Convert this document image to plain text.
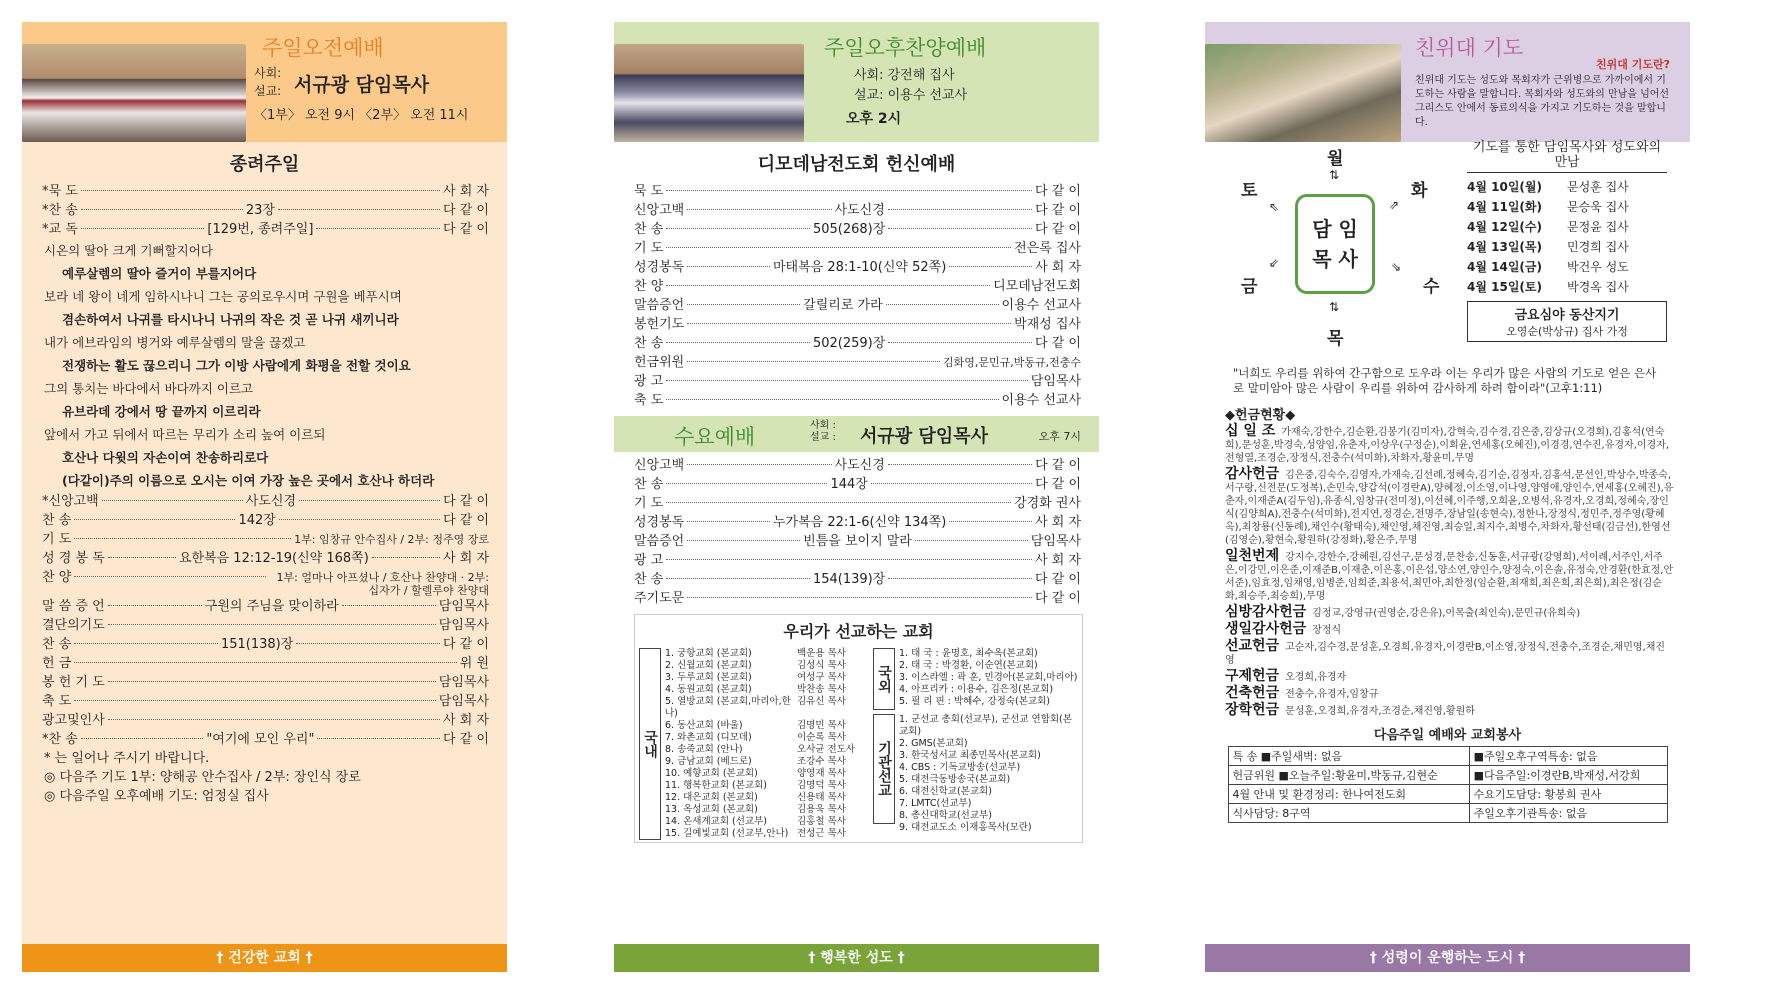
주일오전예배
사회:
설교: 서규광 담임목사
〈1부〉 오전 9시 〈2부〉 오전 11시
종려주일
*묵 도	사 회 자
*찬 송	23장	다 같 이
*교 독	[129번, 종려주일]	다 같 이
시온의 딸아 크게 기뻐할지어다
예루살렘의 딸아 즐거이 부를지어다
보라 네 왕이 네게 임하시나니 그는 공의로우시며 구원을 베푸시며
겸손하여서 나귀를 타시나니 나귀의 작은 것 곧 나귀 새끼니라
내가 에브라임의 병거와 예루살렘의 말을 끊겠고
전쟁하는 활도 끊으리니 그가 이방 사람에게 화평을 전할 것이요
그의 통치는 바다에서 바다까지 이르고
유브라데 강에서 땅 끝까지 이르리라
앞에서 가고 뒤에서 따르는 무리가 소리 높여 이르되
호산나 다윗의 자손이여 찬송하리로다
(다같이)주의 이름으로 오시는 이여 가장 높은 곳에서 호산나 하더라
*신앙고백	사도신경	다 같 이
찬 송	142장	다 같 이
기 도	1부: 임창규 안수집사 / 2부: 정주영 장로
성 경 봉 독	요한복음 12:12-19(신약 168쪽)	사 회 자
찬 양	1부: 얼마나 아프셨나 / 호산나 찬양대 · 2부: 십자가 / 할렐루야 찬양대
말 씀 증 언	구원의 주님을 맞이하라	담임목사
결단의기도	담임목사
찬 송	151(138)장	다 같 이
헌 금	위 원
봉 헌 기 도	담임목사
축 도	담임목사
광고및인사	사 회 자
*찬 송	"여기에 모인 우리"	다 같 이
* 는 일어나 주시기 바랍니다.
◎ 다음주 기도 1부: 양해공 안수집사 / 2부: 장인식 장로
◎ 다음주일 오후예배 기도: 엄정실 집사
† 건강한 교회 †
주일오후찬양예배
사회: 강전해 집사
설교: 이용수 선교사
오후 2시
디모데남전도회 헌신예배
묵 도	다 같 이
신앙고백	사도신경	다 같 이
찬 송	505(268)장	다 같 이
기 도	전은록 집사
성경봉독	마태복음 28:1-10(신약 52쪽)	사 회 자
찬 양	디모데남전도회
말씀증언	갈릴리로 가라	이용수 선교사
봉헌기도	박재성 집사
찬 송	502(259)장	다 같 이
헌금위원	김화영,문민규,박동규,전충수
광 고	담임목사
축 도	이용수 선교사
수요예배	사회 : 설교 :	서규광 담임목사	오후 7시
신앙고백	사도신경	다 같 이
찬 송	144장	다 같 이
기 도	강경화 권사
성경봉독	누가복음 22:1-6(신약 134쪽)	사 회 자
말씀증언	빈틈을 보이지 말라	담임목사
광 고	사 회 자
찬 송	154(139)장	다 같 이
주기도문	다 같 이
우리가 선교하는 교회
국내
1. 궁항교회 (본교회)	백운용 목사
2. 신월교회 (본교회)	김성식 목사
3. 두루교회 (본교회)	여성구 목사
4. 동원교회 (본교회)	박찬송 목사
5. 열방교회 (본교회,마리아,한나)
김유신 목사
6. 동산교회 (바울)	김명민 목사
7. 와촌교회 (디모데)	이순록 목사
8. 송죽교회 (안나)	오사균 전도사
9. 금남교회 (베드로)	조강수 목사
10. 예향교회 (본교회)	양영재 목사
11. 행복한교회 (본교회)	김명덕 목사
12. 대은교회 (본교회)	신용태 목사
13. 옥성교회 (본교회)	김용욱 목사
14. 온새계교회 (선교부)	김홍철 목사
15. 길예빛교회 (선교부,안나) 전성근 목사
국외
1. 태 국 : 윤명호, 최수옥(본교회)
2. 태 국 : 박경환, 이순연(본교회)
3. 이스라엘 : 곽 훈, 민경아(본교회,마리아)
4. 아프리카 : 이용수, 김은정(본교회)
5. 필 리 핀 : 박혜수, 강정숙(본교회)
기관선교
1. 군선교 총회(선교부), 군선교 연합회(본교회)
2. GMS(본교회)
3. 한국성서교 최종민목사(본교회)
4. CBS : 기독교방송(선교부)
5. 대전극동방송국(본교회)
6. 대전신학교(본교회)
7. LMTC(선교부)
8. 총신대학교(선교부)
9. 대전교도소 이재홍목사(모란)
† 행복한 성도 †
친위대 기도
친위대 기도란?
친위대 기도는 성도와 목회자가 근위병으로 가까이에서 기도하는 사람을 말합니다. 목회자와 성도와의 만남을 넘어선 그리스도 안에서 동료의식을 가지고 기도하는 것을 말합니다.
담 임 목 사
월
⇅
화
⇗
수
⇘
목
⇅
금
⇙
토
⇖
기도를 통한 담임목사와 성도와의 만남
4월 10일(월)	문성훈 집사
4월 11일(화)	문승욱 집사
4월 12일(수)	문정윤 집사
4월 13일(목)	민경희 집사
4월 14일(금)	박건우 성도
4월 15일(토)	박경옥 집사
금요심야 동산지기
오영순(박상규) 집사 가정
"너희도 우리를 위하여 간구함으로 도우라 이는 우리가 많은 사람의 기도로 얻은 은사로 말미암아 많은 사람이 우리를 위하여 감사하게 하려 함이라"(고후1:11)
◆헌금현황◆
십 일 조 가재숙,강한수,김순환,김봉기(김미자),강혁숙,김수경,김은중,김상규(오경회),김홍석(연숙희),문성훈,박경숙,성양임,유춘자,이상우(구정순),이회윤,연세홍(오혜진),이경경,연수진,유경자,이경자,전형열,조경순,장정식,전충수(석미화),차화자,황윤미,무명
감사헌금 김은중,김숙수,김영자,가재숙,김선례,정혜숙,김기순,김정자,김홍석,문선인,박상수,박종숙,서구랑,신전문(도정복),손민숙,양갑석(이경란A),양혜정,이소영,이나영,양영애,양인수,연세홍(오혜진),유춘자,이재준A(김두임),유종식,임창규(전미정),이선혜,이주행,오희윤,오병석,유경자,오경희,정혜숙,장인식(김양희A),전충수(석미화),전지연,정경순,전명주,장남일(송현숙),정한나,장정식,정민주,정주영(황혜옥),최창룡(신동례),채인수(황태숙),채인영,채진영,최승일,최지수,최병수,차화자,황선태(김금선),한영선(김영순),황현숙,황원하(강정화),황은주,무명
일천번제 강지수,강한수,강혜원,김선구,문성경,문찬송,신동훈,서규광(강영희),서이례,서주인,서주은,이강민,이은준,이재준B,이재춘,이은홍,이은섭,양소연,양인수,양정숙,이은솔,유정숙,안경환(한효정,안서준),임효정,임채영,임병준,임희준,최용석,최민아,최한정(임순환,최재희,최은희,최은희),최은정(김순화,최승주,최승희),무명
심방감사헌금 김정교,강영규(권영순,강은유),이목출(최인숙),문민규(유희숙)
생일감사헌금 장정식
선교헌금 고순자,김수경,문성훈,오경희,유경자,이경란B,이소영,장정식,전충수,조경순,채민영,채진영
구제헌금 오경희,유경자
건축헌금 전충수,유경자,임창규
장학헌금 문성훈,오경희,유경자,조경순,채진영,황원하
다음주일 예배와 교회봉사
특 송 ■주일새벽: 없음	■주일오후구역특송: 없음
헌금위원 ■오늘주일:황윤미,박동규,김현순	■다음주일:이경란B,박재성,서강희
4월 안내 및 환경정리: 한나여전도회	수요기도담당: 황봉희 권사
식사담당: 8구역	주일오후기관특송: 없음
† 성령이 운행하는 도시 †
